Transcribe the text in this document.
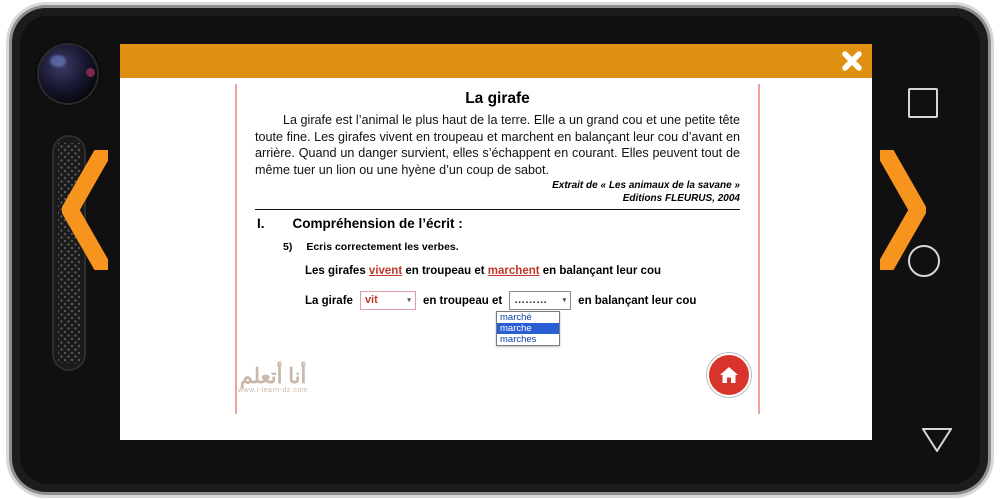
La girafe

La girafe est l’animal le plus haut de la terre. Elle a un grand cou et une petite tête toute fine. Les girafes vivent en troupeau et marchent en balançant leur cou d’avant en arrière. Quand un danger survient, elles s’échappent en courant. Elles peuvent tout de même tuer un lion ou une hyène d’un coup de sabot.

Extrait de « Les animaux de la savane »
Editions FLEURUS, 2004
I. Compréhension de l’écrit :
5) Ecris correctement les verbes.
Les girafes vivent en troupeau et marchent en balançant leur cou
La girafe vit	▾ en troupeau et ……… ▾ en balançant leur cou
marché
marche
marches
أنا أتعلم
www.i-learn-dz.com
